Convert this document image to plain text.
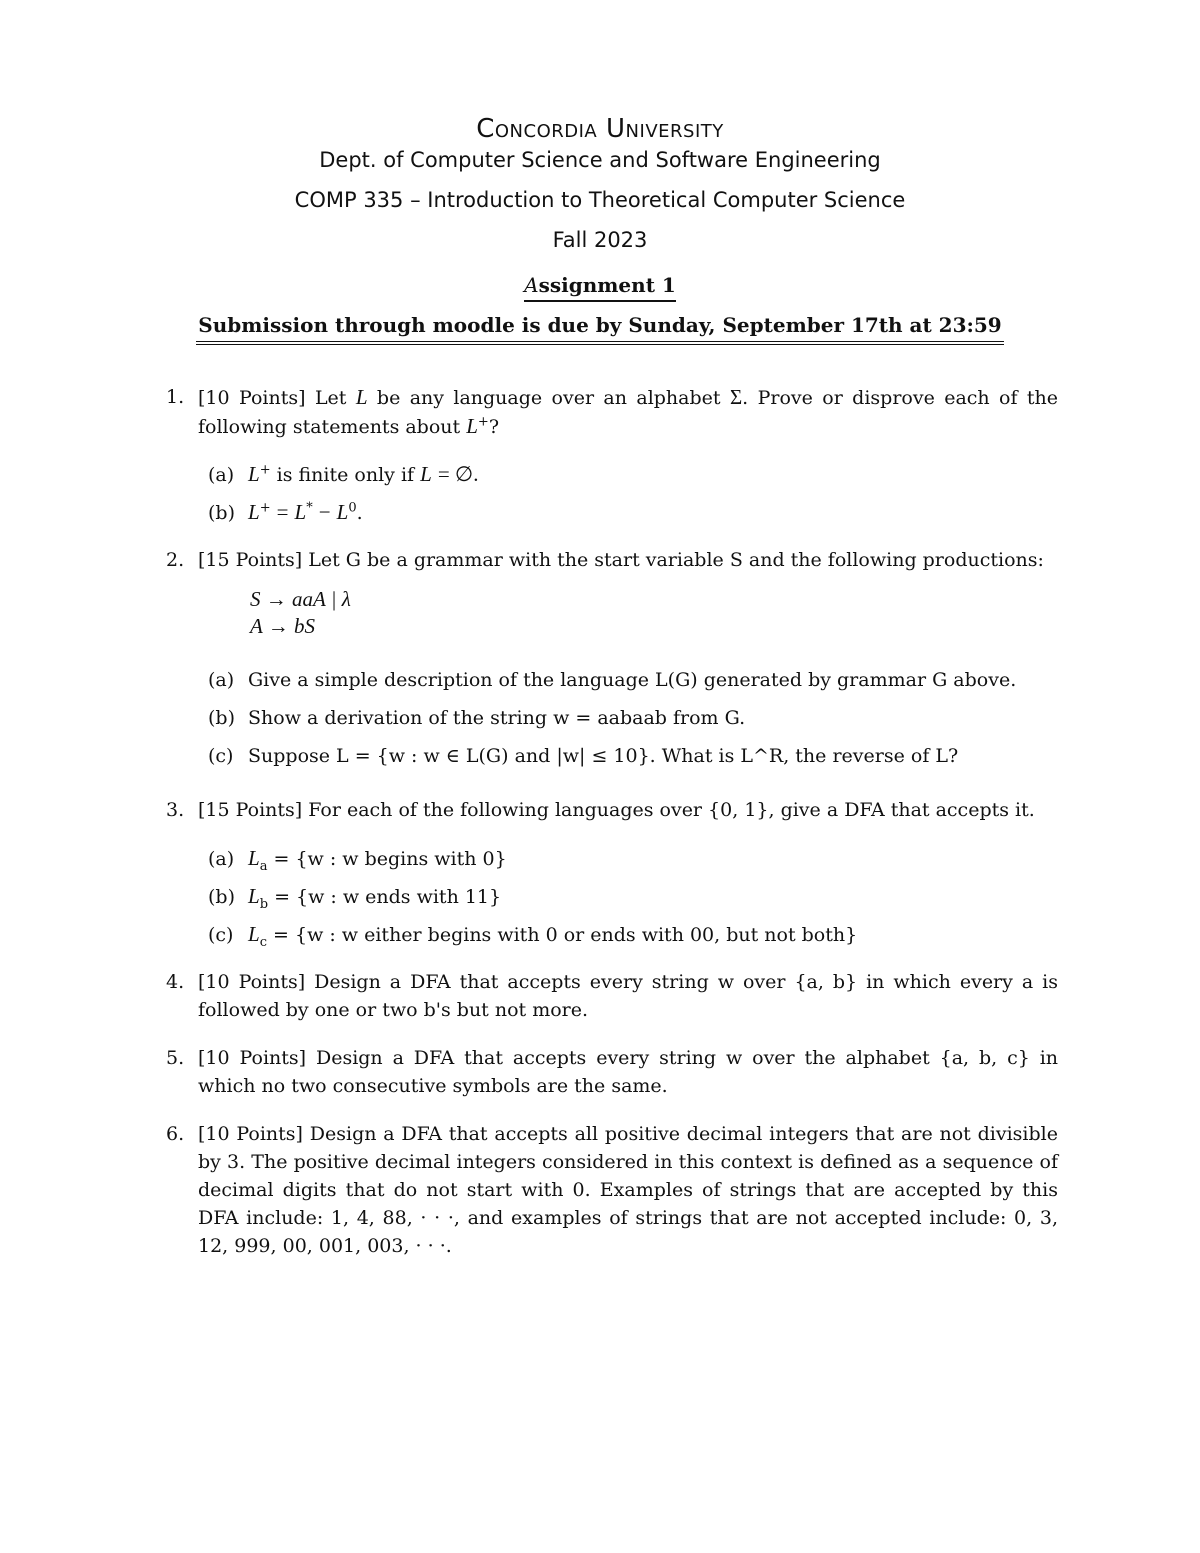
Concordia University
Dept. of Computer Science and Software Engineering
COMP 335 – Introduction to Theoretical Computer Science
Fall 2023
Assignment 1
Submission through moodle is due by Sunday, September 17th at 23:59
1. [10 Points] Let L be any language over an alphabet Σ. Prove or disprove each of the following statements about L+?
(a) L+ is finite only if L = ∅.
(b) $L^+ = L^* - L^0$.
2. [15 Points] Let G be a grammar with the start variable S and the following productions:
S → aaA | λ
A → bS
(a) Give a simple description of the language L(G) generated by grammar G above.
(b) Show a derivation of the string w = aabaab from G.
(c) Suppose L = {w : w ∈ L(G) and |w| ≤ 10}. What is L^R, the reverse of L?
3. [15 Points] For each of the following languages over {0, 1}, give a DFA that accepts it.
(a) $L_a = \{w$ : w begins with 0}
(b) $L_b = \{w$ : w ends with 11}
(c) $L_c = \{w$ : w either begins with 0 or ends with 00, but not both}
4. [10 Points] Design a DFA that accepts every string w over {a, b} in which every a is followed by one or two b's but not more.
5. [10 Points] Design a DFA that accepts every string w over the alphabet {a, b, c} in which no two consecutive symbols are the same.
6. [10 Points] Design a DFA that accepts all positive decimal integers that are not divisible by 3. The positive decimal integers considered in this context is defined as a sequence of decimal digits that do not start with 0. Examples of strings that are accepted by this DFA include: 1, 4, 88, · · ·, and examples of strings that are not accepted include: 0, 3, 12, 999, 00, 001, 003, · · ·.
